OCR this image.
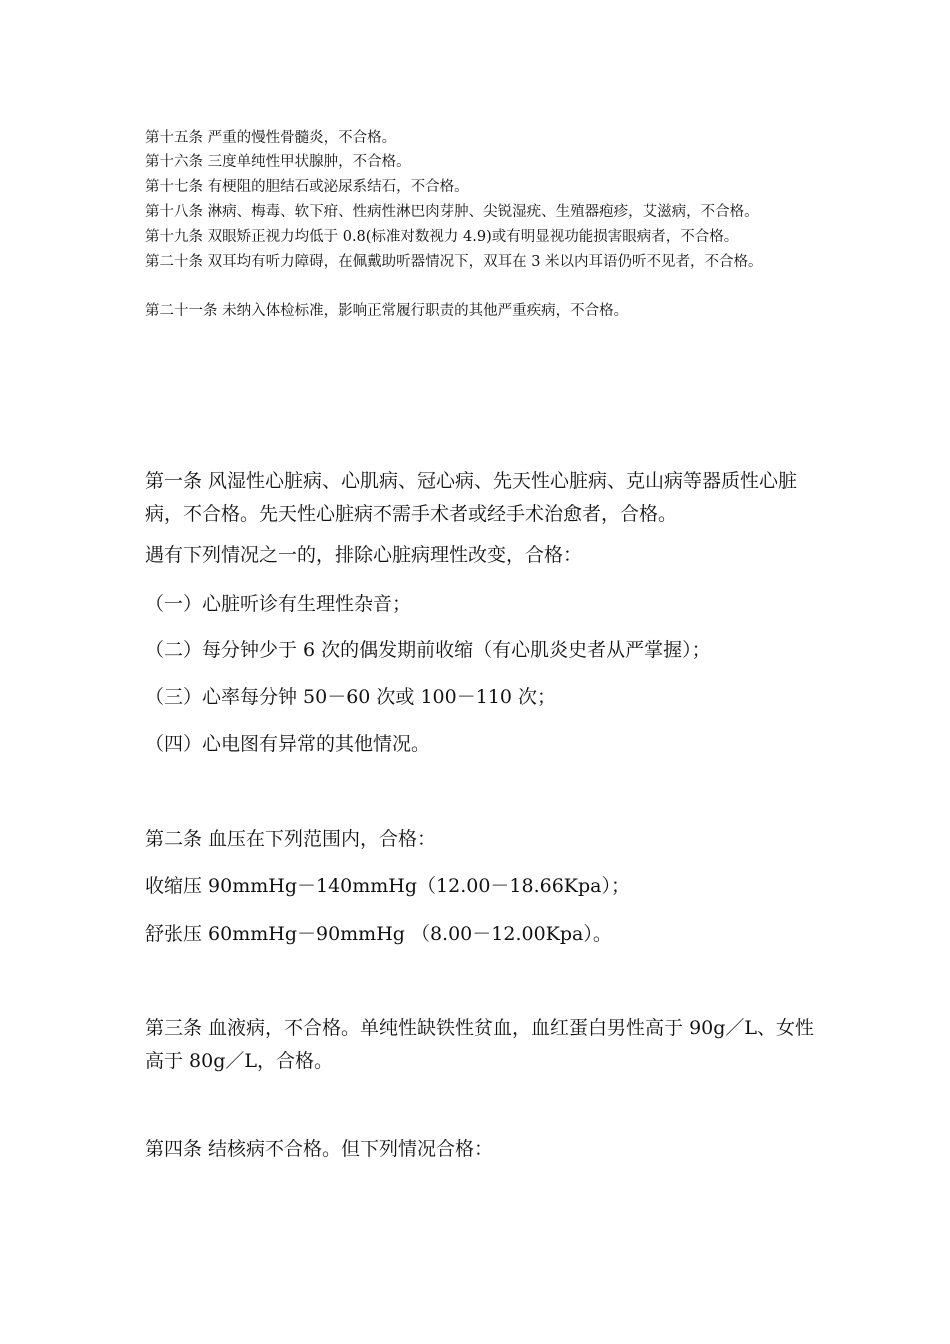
第十五条 严重的慢性骨髓炎，不合格。
第十六条 三度单纯性甲状腺肿，不合格。
第十七条 有梗阻的胆结石或泌尿系结石，不合格。
第十八条 淋病、梅毒、软下疳、性病性淋巴肉芽肿、尖锐湿疣、生殖器疱疹，艾滋病，不合格。
第十九条 双眼矫正视力均低于 0.8(标准对数视力 4.9)或有明显视功能损害眼病者，不合格。
第二十条 双耳均有听力障碍，在佩戴助听器情况下，双耳在 3 米以内耳语仍听不见者，不合格。
第二十一条 未纳入体检标准，影响正常履行职责的其他严重疾病，不合格。
第一条 风湿性心脏病、心肌病、冠心病、先天性心脏病、克山病等器质性心脏病，不合格。先天性心脏病不需手术者或经手术治愈者，合格。
遇有下列情况之一的，排除心脏病理性改变，合格：
（一）心脏听诊有生理性杂音；
（二）每分钟少于 6 次的偶发期前收缩（有心肌炎史者从严掌握）；
（三）心率每分钟 50－60 次或 100－110 次；
（四）心电图有异常的其他情况。
第二条 血压在下列范围内，合格：
收缩压 90mmHg－140mmHg（12.00－18.66Kpa）；
舒张压 60mmHg－90mmHg （8.00－12.00Kpa）。
第三条 血液病，不合格。单纯性缺铁性贫血，血红蛋白男性高于 90g／L、女性高于 80g／L，合格。
第四条 结核病不合格。但下列情况合格：
